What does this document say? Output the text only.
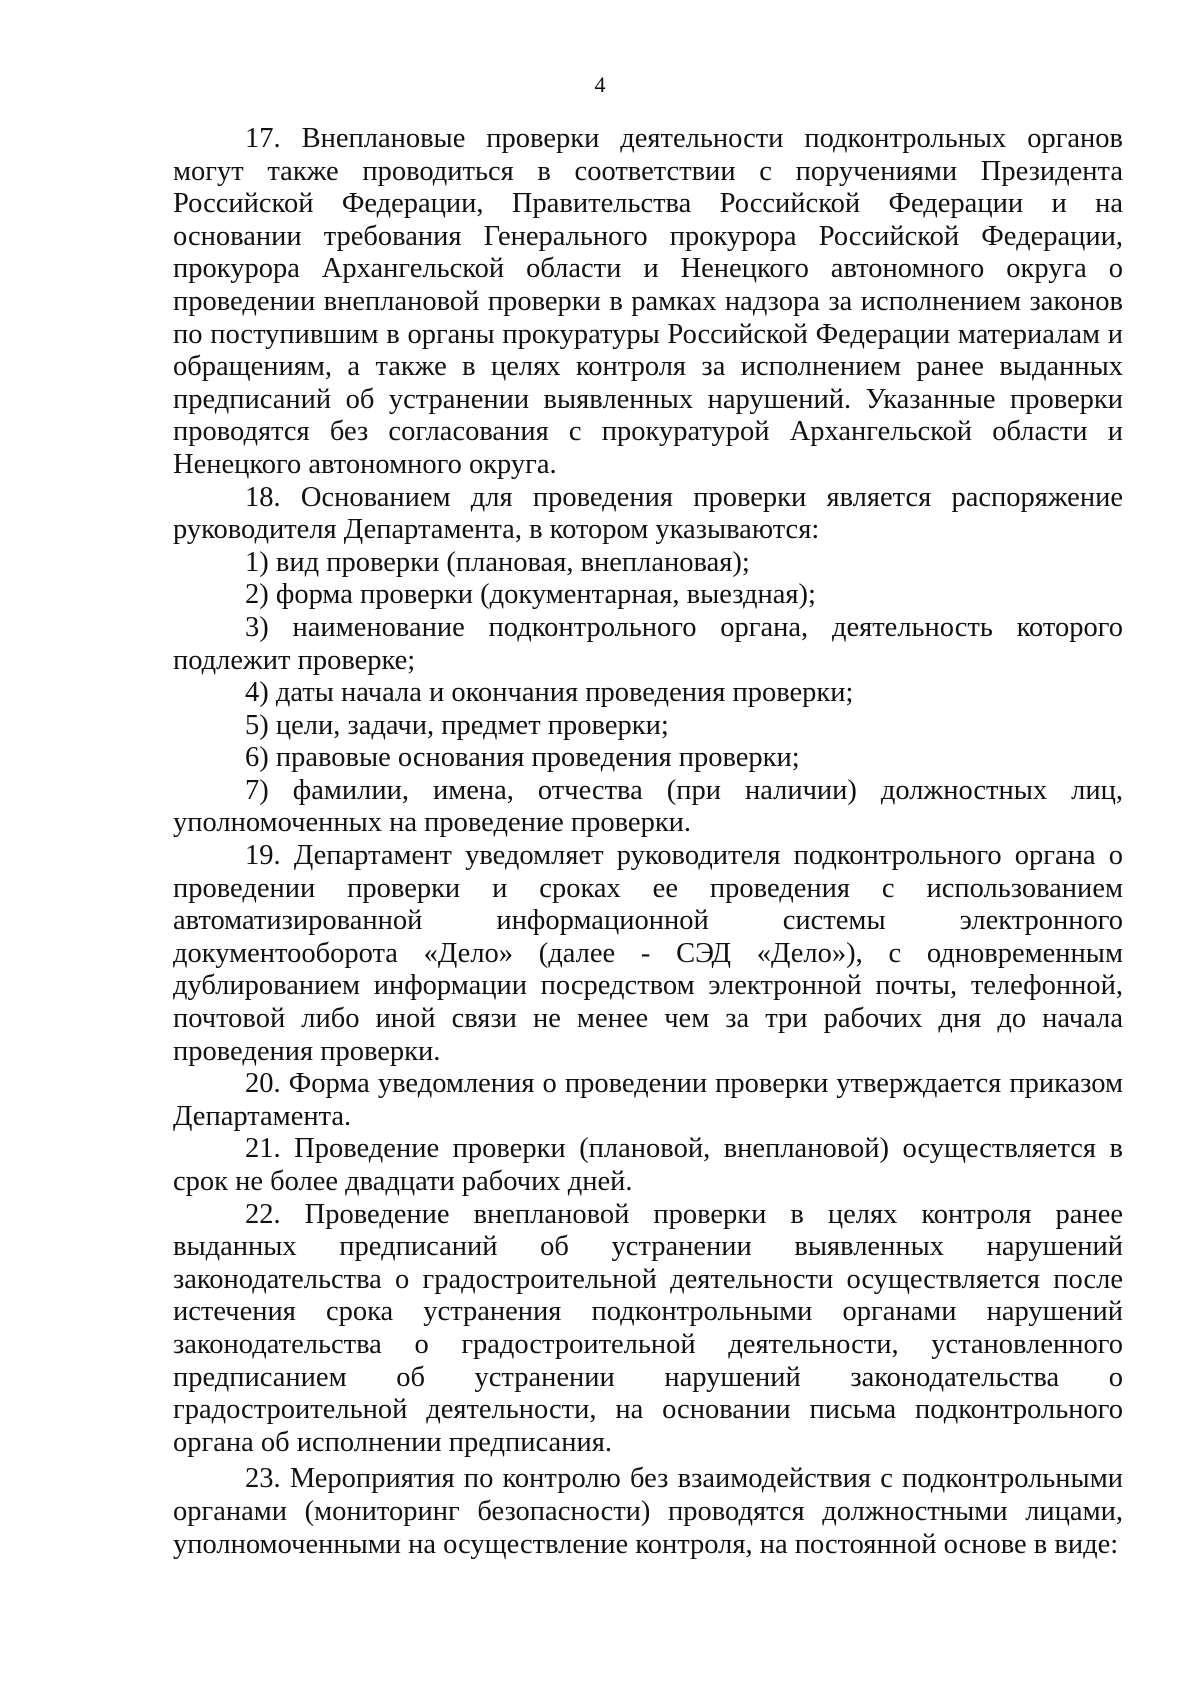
4

17. Внеплановые проверки деятельности подконтрольных органов могут также проводиться в соответствии с поручениями Президента Российской Федерации, Правительства Российской Федерации и на основании требования Генерального прокурора Российской Федерации, прокурора Архангельской области и Ненецкого автономного округа о проведении внеплановой проверки в рамках надзора за исполнением законов по поступившим в органы прокуратуры Российской Федерации материалам и обращениям, а также в целях контроля за исполнением ранее выданных предписаний об устранении выявленных нарушений. Указанные проверки проводятся без согласования с прокуратурой Архангельской области и Ненецкого автономного округа.

18. Основанием для проведения проверки является распоряжение руководителя Департамента, в котором указываются:

1) вид проверки (плановая, внеплановая);

2) форма проверки (документарная, выездная);

3) наименование подконтрольного органа, деятельность которого подлежит проверке;

4) даты начала и окончания проведения проверки;

5) цели, задачи, предмет проверки;

6) правовые основания проведения проверки;

7) фамилии, имена, отчества (при наличии) должностных лиц, уполномоченных на проведение проверки.

19. Департамент уведомляет руководителя подконтрольного органа о проведении проверки и сроках ее проведения с использованием автоматизированной информационной системы электронного документооборота «Дело» (далее - СЭД «Дело»), с одновременным дублированием информации посредством электронной почты, телефонной, почтовой либо иной связи не менее чем за три рабочих дня до начала проведения проверки.

20. Форма уведомления о проведении проверки утверждается приказом Департамента.

21. Проведение проверки (плановой, внеплановой) осуществляется в срок не более двадцати рабочих дней.

22. Проведение внеплановой проверки в целях контроля ранее выданных предписаний об устранении выявленных нарушений законодательства о градостроительной деятельности осуществляется после истечения срока устранения подконтрольными органами нарушений законодательства о градостроительной деятельности, установленного предписанием об устранении нарушений законодательства о градостроительной деятельности, на основании письма подконтрольного органа об исполнении предписания.

23. Мероприятия по контролю без взаимодействия с подконтрольными органами (мониторинг безопасности) проводятся должностными лицами, уполномоченными на осуществление контроля, на постоянной основе в виде:
